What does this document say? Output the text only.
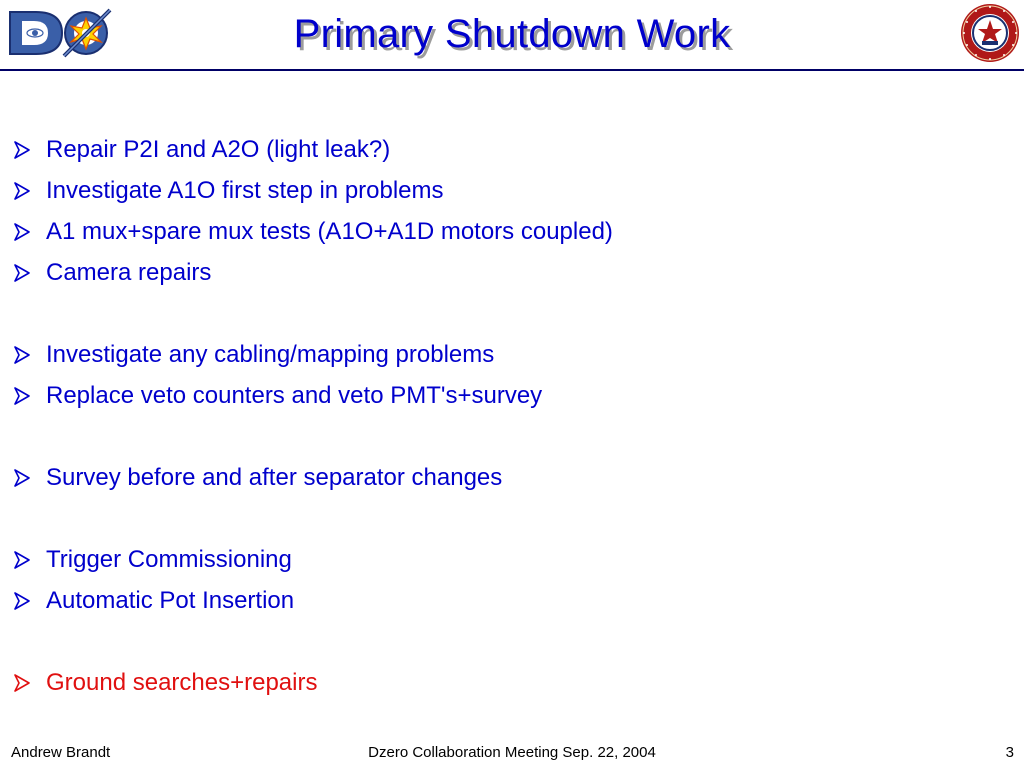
Primary Shutdown Work
Repair P2I and A2O (light leak?)
Investigate A1O first step in problems
A1 mux+spare mux tests (A1O+A1D motors coupled)
Camera repairs
Investigate any cabling/mapping problems
Replace veto counters and veto PMT's+survey
Survey before and after separator changes
Trigger Commissioning
Automatic Pot Insertion
Ground searches+repairs
Andrew Brandt	Dzero Collaboration Meeting Sep. 22, 2004	3
